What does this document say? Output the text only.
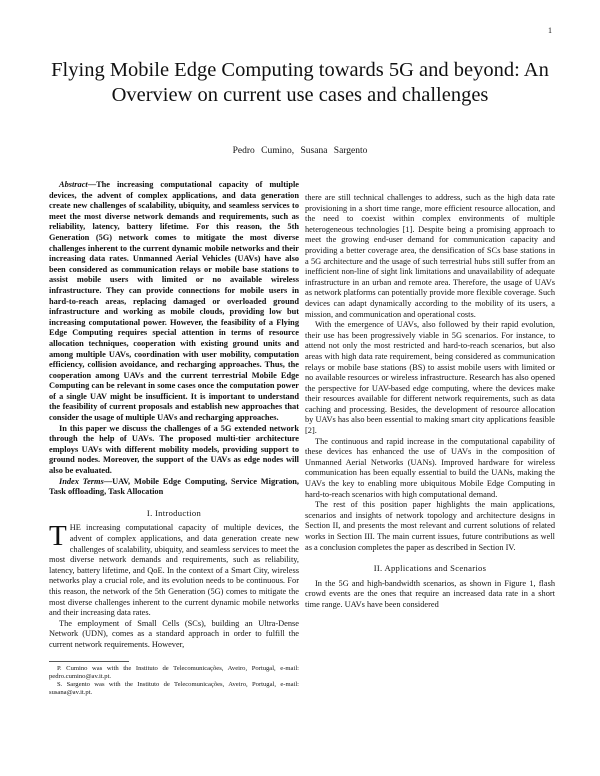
1
Flying Mobile Edge Computing towards 5G and beyond: An Overview on current use cases and challenges
Pedro Cumino, Susana Sargento

Abstract—The increasing computational capacity of multiple devices, the advent of complex applications, and data generation create new challenges of scalability, ubiquity, and seamless services to meet the most diverse network demands and requirements, such as reliability, latency, battery lifetime. For this reason, the 5th Generation (5G) network comes to mitigate the most diverse challenges inherent to the current dynamic mobile networks and their increasing data rates. Unmanned Aerial Vehicles (UAVs) have also been considered as communication relays or mobile base stations to assist mobile users with limited or no available wireless infrastructure. They can provide connections for mobile users in hard-to-reach areas, replacing damaged or overloaded ground infrastructure and working as mobile clouds, providing low but increasing computational power. However, the feasibility of a Flying Edge Computing requires special attention in terms of resource allocation techniques, cooperation with existing ground units and among multiple UAVs, coordination with user mobility, computation efficiency, collision avoidance, and recharging approaches. Thus, the cooperation among UAVs and the current terrestrial Mobile Edge Computing can be relevant in some cases once the computation power of a single UAV might be insufficient. It is important to understand the feasibility of current proposals and establish new approaches that consider the usage of multiple UAVs and recharging approaches.

In this paper we discuss the challenges of a 5G extended network through the help of UAVs. The proposed multi-tier architecture employs UAVs with different mobility models, providing support to ground nodes. Moreover, the support of the UAVs as edge nodes will also be evaluated.

Index Terms—UAV, Mobile Edge Computing, Service Migration, Task offloading, Task Allocation

I. Introduction

THE increasing computational capacity of multiple devices, the advent of complex applications, and data generation create new challenges of scalability, ubiquity, and seamless services to meet the most diverse network demands and requirements, such as reliability, latency, battery lifetime, and QoE. In the context of a Smart City, wireless networks play a crucial role, and its evolution needs to be continuous. For this reason, the network of the 5th Generation (5G) comes to mitigate the most diverse challenges inherent to the current dynamic mobile networks and their increasing data rates.

The employment of Small Cells (SCs), building an Ultra-Dense Network (UDN), comes as a standard approach in order to fulfill the current network requirements. However,

P. Cumino was with the Instituto de Telecomunicações, Aveiro, Portugal, e-mail: pedro.cumino@av.it.pt.

S. Sargento was with the Instituto de Telecomunicações, Aveiro, Portugal, e-mail: susana@av.it.pt.

there are still technical challenges to address, such as the high data rate provisioning in a short time range, more efficient resource allocation, and the need to coexist within complex environments of multiple heterogeneous technologies [1]. Despite being a promising approach to meet the growing end-user demand for communication capacity and providing a better coverage area, the densification of SCs base stations in a 5G architecture and the usage of such terrestrial hubs still suffer from an inefficient non-line of sight link limitations and unavailability of adequate infrastructure in an urban and remote area. Therefore, the usage of UAVs as network platforms can potentially provide more flexible coverage. Such devices can adapt dynamically according to the mobility of its users, a mission, and communication and operational costs.

With the emergence of UAVs, also followed by their rapid evolution, their use has been progressively viable in 5G scenarios. For instance, to attend not only the most restricted and hard-to-reach scenarios, but also areas with high data rate requirement, being considered as communication relays or mobile base stations (BS) to assist mobile users with limited or no available resources or wireless infrastructure. Research has also opened the perspective for UAV-based edge computing, where the devices make their resources available for different network requirements, such as data caching and processing. Besides, the development of resource allocation by UAVs has also been essential to making smart city applications feasible [2].

The continuous and rapid increase in the computational capability of these devices has enhanced the use of UAVs in the composition of Unmanned Aerial Networks (UANs). Improved hardware for wireless communication has been equally essential to build the UANs, making the UAVs the key to enabling more ubiquitous Mobile Edge Computing in hard-to-reach scenarios with high computational demand.

The rest of this position paper highlights the main applications, scenarios and insights of network topology and architecture designs in Section II, and presents the most relevant and current solutions of related works in Section III. The main current issues, future contributions as well as a conclusion completes the paper as described in Section IV.

II. Applications and Scenarios

In the 5G and high-bandwidth scenarios, as shown in Figure 1, flash crowd events are the ones that require an increased data rate in a short time range. UAVs have been considered
